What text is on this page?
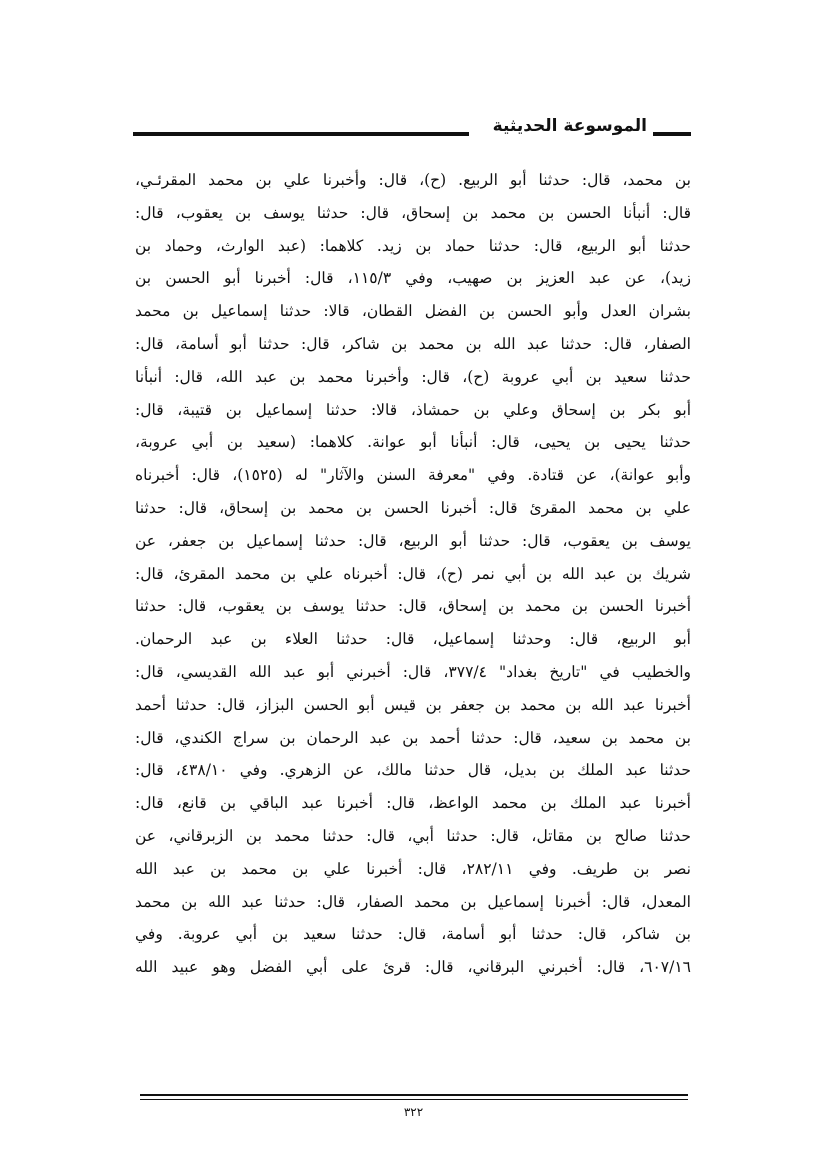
الموسوعة الحديثية
بن محمد، قال: حدثنا أبو الربيع. (ح)، قال: وأخبرنا علي بن محمد المقرئـي،
قال: أنبأنا الحسن بن محمد بن إسحاق، قال: حدثنا يوسف بن يعقوب، قال:
حدثنا أبو الربيع، قال: حدثنا حماد بن زيد. كلاهما: (عبد الوارث، وحماد بن
زيد)، عن عبد العزيز بن صهيب، وفي ١١٥/٣، قال: أخبرنا أبو الحسن بن
بشران العدل وأبو الحسن بن الفضل القطان، قالا: حدثنا إسماعيل بن محمد
الصفار، قال: حدثنا عبد الله بن محمد بن شاكر، قال: حدثنا أبو أسامة، قال:
حدثنا سعيد بن أبي عروبة (ح)، قال: وأخبرنا محمد بن عبد الله، قال: أنبأنا
أبو بكر بن إسحاق وعلي بن حمشاذ، قالا: حدثنا إسماعيل بن قتيبة، قال:
حدثنا يحيى بن يحيى، قال: أنبأنا أبو عوانة. كلاهما: (سعيد بن أبي عروبة،
وأبو عوانة)، عن قتادة. وفي "معرفة السنن والآثار" له (١٥٢٥)، قال: أخبرناه
علي بن محمد المقرئ قال: أخبرنا الحسن بن محمد بن إسحاق، قال: حدثنا
يوسف بن يعقوب، قال: حدثنا أبو الربيع، قال: حدثنا إسماعيل بن جعفر، عن
شريك بن عبد الله بن أبي نمر (ح)، قال: أخبرناه علي بن محمد المقرئ، قال:
أخبرنا الحسن بن محمد بن إسحاق، قال: حدثنا يوسف بن يعقوب، قال: حدثنا
أبو الربيع، قال: وحدثنا إسماعيل، قال: حدثنا العلاء بن عبد الرحمان.
والخطيب في "تاريخ بغداد" ٣٧٧/٤، قال: أخبرني أبو عبد الله القديسي، قال:
أخبرنا عبد الله بن محمد بن جعفر بن قيس أبو الحسن البزاز، قال: حدثنا أحمد
بن محمد بن سعيد، قال: حدثنا أحمد بن عبد الرحمان بن سراج الكندي، قال:
حدثنا عبد الملك بن بديل، قال حدثنا مالك، عن الزهري. وفي ٤٣٨/١٠، قال:
أخبرنا عبد الملك بن محمد الواعظ، قال: أخبرنا عبد الباقي بن قانع، قال:
حدثنا صالح بن مقاتل، قال: حدثنا أبي، قال: حدثنا محمد بن الزبرقاني، عن
نصر بن طريف. وفي ٢٨٢/١١، قال: أخبرنا علي بن محمد بن عبد الله
المعدل، قال: أخبرنا إسماعيل بن محمد الصفار، قال: حدثنا عبد الله بن محمد
بن شاكر، قال: حدثنا أبو أسامة، قال: حدثنا سعيد بن أبي عروبة. وفي
٦٠٧/١٦، قال: أخبرني البرقاني، قال: قرئ على أبي الفضل وهو عبيد الله
٣٢٢
